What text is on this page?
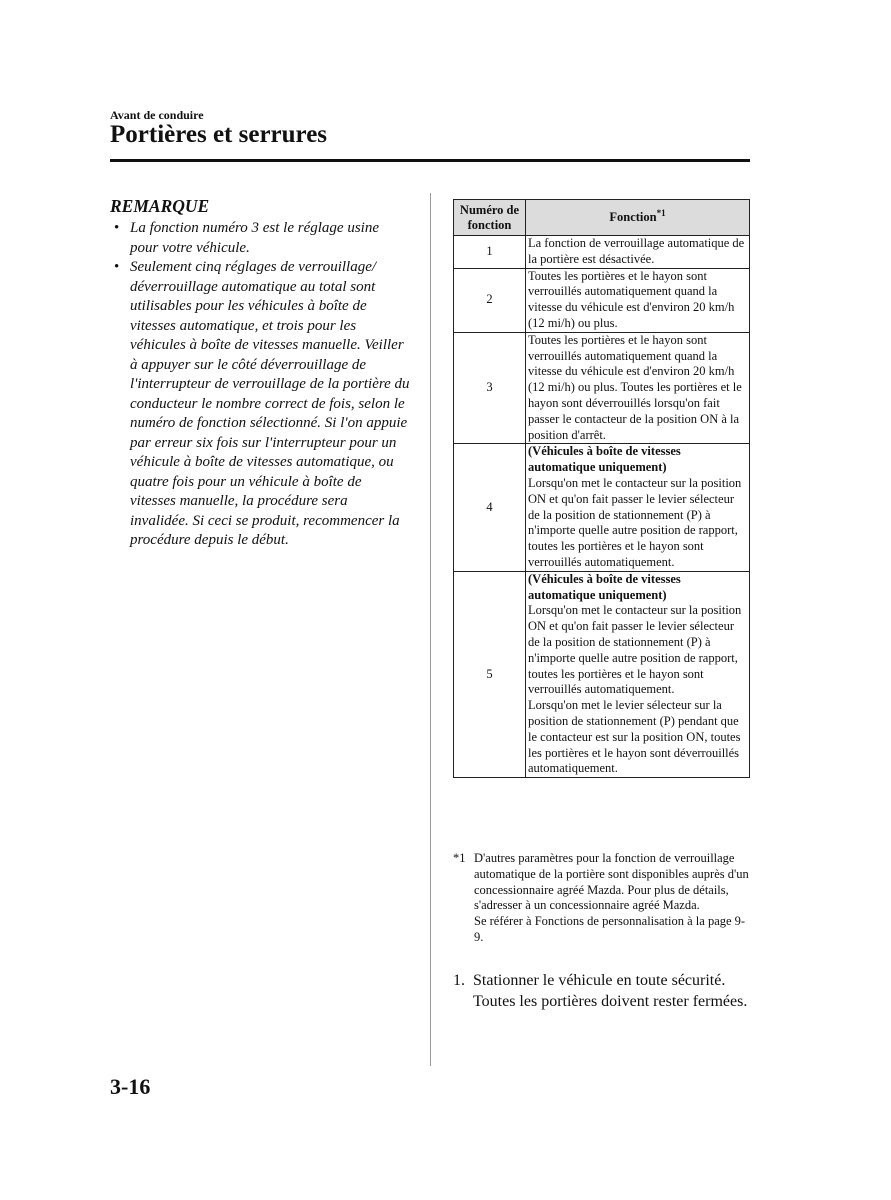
Avant de conduire
Portières et serrures
REMARQUE
• La fonction numéro 3 est le réglage usine pour votre véhicule.
• Seulement cinq réglages de verrouillage/ déverrouillage automatique au total sont utilisables pour les véhicules à boîte de vitesses automatique, et trois pour les véhicules à boîte de vitesses manuelle. Veiller à appuyer sur le côté déverrouillage de l'interrupteur de verrouillage de la portière du conducteur le nombre correct de fois, selon le numéro de fonction sélectionné. Si l'on appuie par erreur six fois sur l'interrupteur pour un véhicule à boîte de vitesses automatique, ou quatre fois pour un véhicule à boîte de vitesses manuelle, la procédure sera invalidée. Si ceci se produit, recommencer la procédure depuis le début.
Numéro de fonction	Fonction$^{*1}$
1	La fonction de verrouillage automatique de la portière est désactivée.
2	Toutes les portières et le hayon sont verrouillés automatiquement quand la vitesse du véhicule est d'environ 20 km/h (12 mi/h) ou plus.
3	Toutes les portières et le hayon sont verrouillés automatiquement quand la vitesse du véhicule est d'environ 20 km/h (12 mi/h) ou plus. Toutes les portières et le hayon sont déverrouillés lorsqu'on fait passer le contacteur de la position ON à la position d'arrêt.
4	(Véhicules à boîte de vitesses automatique uniquement)
Lorsqu'on met le contacteur sur la position ON et qu'on fait passer le levier sélecteur de la position de stationnement (P) à n'importe quelle autre position de rapport, toutes les portières et le hayon sont verrouillés automatiquement.
5	(Véhicules à boîte de vitesses automatique uniquement)
Lorsqu'on met le contacteur sur la position ON et qu'on fait passer le levier sélecteur de la position de stationnement (P) à n'importe quelle autre position de rapport, toutes les portières et le hayon sont verrouillés automatiquement.
Lorsqu'on met le levier sélecteur sur la position de stationnement (P) pendant que le contacteur est sur la position ON, toutes les portières et le hayon sont déverrouillés automatiquement.
*1 D'autres paramètres pour la fonction de verrouillage automatique de la portière sont disponibles auprès d'un concessionnaire agréé Mazda. Pour plus de détails, s'adresser à un concessionnaire agréé Mazda.
Se référer à Fonctions de personnalisation à la page 9-9.
1. Stationner le véhicule en toute sécurité. Toutes les portières doivent rester fermées.
3-16
